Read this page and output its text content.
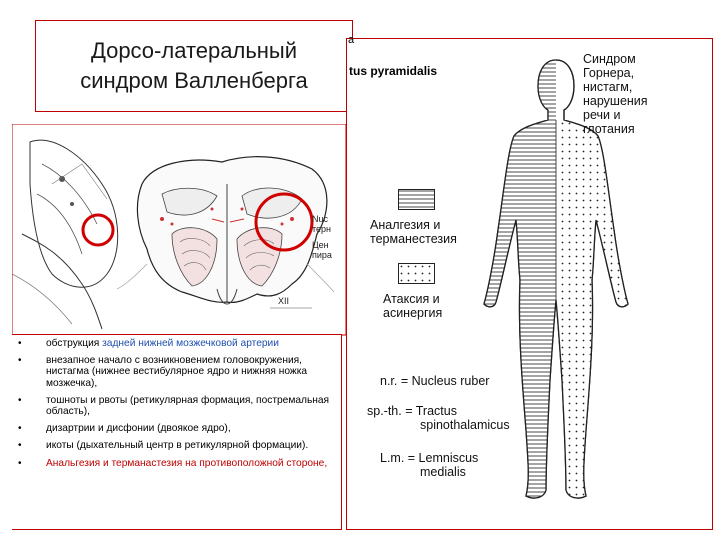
Дорсо-латеральный
синдром Валленберга
a
tus pyramidalis
Nuc
терн
Цен
пира
XII
Синдром
Горнера,
нистагм,
нарушения
речи и
глотания
Аналгезия и
терманестезия
Атаксия и
асинергия
n.r. = Nucleus ruber
sp.-th. = Tractus
spinothalamicus
L.m. = Lemniscus
medialis
• обструкция задней нижней мозжечковой артерии
• внезапное начало с возникновением головокружения, нистагма (нижнее вестибулярное ядро и нижняя ножка мозжечка),
• тошноты и рвоты (ретикулярная формация, постремальная область),
• дизартрии и дисфонии (двоякое ядро),
• икоты (дыхательный центр в ретикулярной формации).
• Анальгезия и терманастезия на противоположной стороне,
